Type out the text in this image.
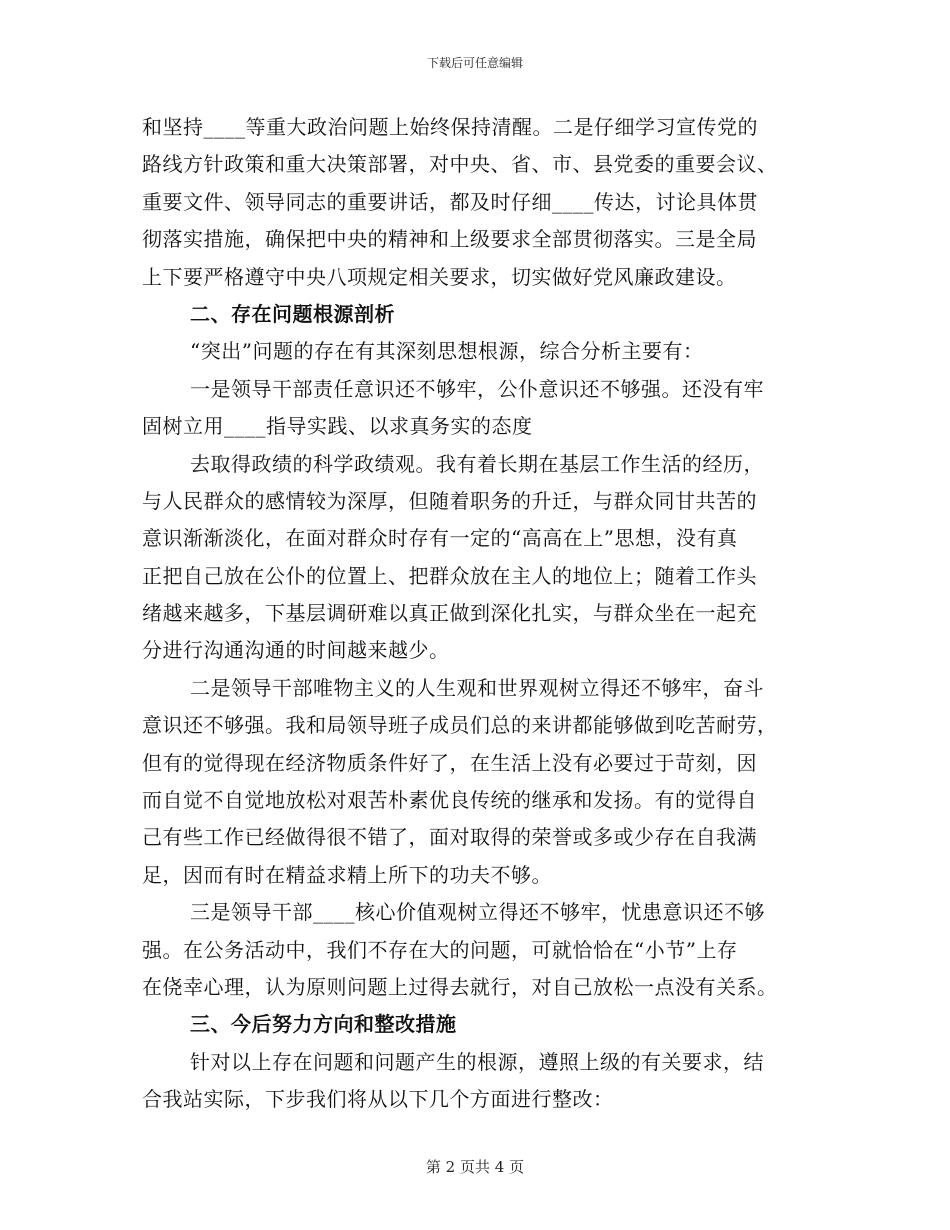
下载后可任意编辑
和坚持____等重大政治问题上始终保持清醒。二是仔细学习宣传党的
路线方针政策和重大决策部署，对中央、省、市、县党委的重要会议、
重要文件、领导同志的重要讲话，都及时仔细____传达，讨论具体贯
彻落实措施，确保把中央的精神和上级要求全部贯彻落实。三是全局
上下要严格遵守中央八项规定相关要求，切实做好党风廉政建设。
二、存在问题根源剖析
“突出”问题的存在有其深刻思想根源，综合分析主要有：
一是领导干部责任意识还不够牢，公仆意识还不够强。还没有牢
固树立用____指导实践、以求真务实的态度
去取得政绩的科学政绩观。我有着长期在基层工作生活的经历，
与人民群众的感情较为深厚，但随着职务的升迁，与群众同甘共苦的
意识渐渐淡化，在面对群众时存有一定的“高高在上”思想，没有真
正把自己放在公仆的位置上、把群众放在主人的地位上；随着工作头
绪越来越多，下基层调研难以真正做到深化扎实，与群众坐在一起充
分进行沟通沟通的时间越来越少。
二是领导干部唯物主义的人生观和世界观树立得还不够牢，奋斗
意识还不够强。我和局领导班子成员们总的来讲都能够做到吃苦耐劳，
但有的觉得现在经济物质条件好了，在生活上没有必要过于苛刻，因
而自觉不自觉地放松对艰苦朴素优良传统的继承和发扬。有的觉得自
己有些工作已经做得很不错了，面对取得的荣誉或多或少存在自我满
足，因而有时在精益求精上所下的功夫不够。
三是领导干部____核心价值观树立得还不够牢，忧患意识还不够
强。在公务活动中，我们不存在大的问题，可就恰恰在“小节”上存
在侥幸心理，认为原则问题上过得去就行，对自己放松一点没有关系。
三、今后努力方向和整改措施
针对以上存在问题和问题产生的根源，遵照上级的有关要求，结
合我站实际，下步我们将从以下几个方面进行整改：
第 2 页共 4 页
